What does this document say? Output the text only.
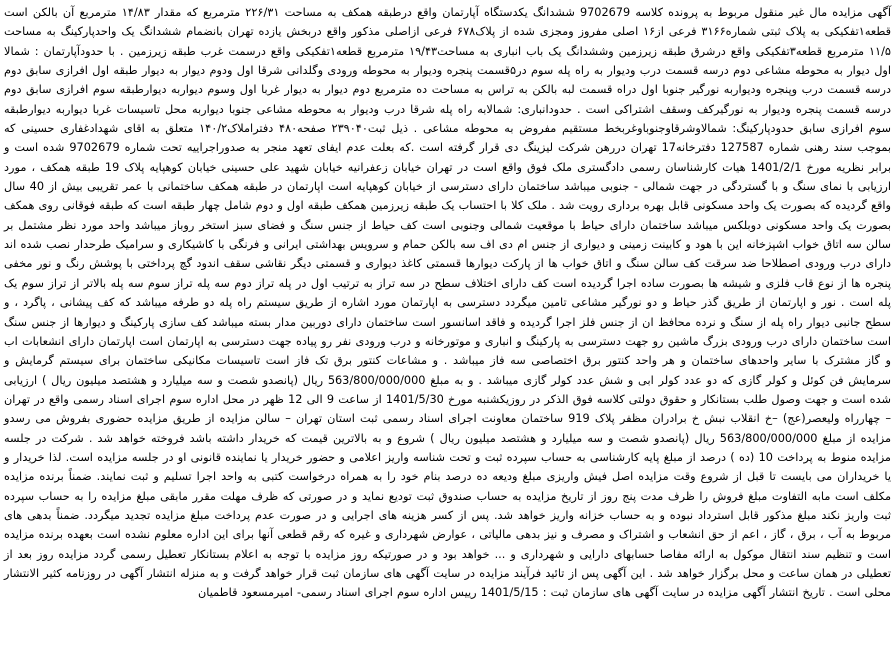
آگهی مزایده مال غیر منقول مربوط به پرونده کلاسه 9702679 ششدانگ یکدستگاه آپارتمان واقع درطبقه همکف به مساحت ۲۲۶/۳۱ مترمربع که مقدار ۱۴/۸۳ مترمربع آن بالکن است قطعه۱تفکیکی به پلاک ثبتی شماره۳۱۶۶ فرعی از۱۶ اصلی مفروز ومجزی شده از پلاک۶۷۸ فرعی ازاصلی مذکور واقع دربخش یازده تهران بانضمام ششدانگ یک واحدپارکینگ به مساحت ۱۱/۵ مترمربع قطعه۳تفکیکی واقع درشرق طبقه زیرزمین وششدانگ یک باب انباری به مساحت۱۹/۴۳ مترمربع قطعه۱تفکیکی واقع درسمت غرب طبقه زیرزمین . با حدودآپارتمان : شمالا اول دیوار به محوطه مشاعی دوم درسه قسمت درب ودیوار به راه پله سوم در۵قسمت پنجره ودیوار به محوطه ورودی وگلدانی شرقا اول ودوم دیوار به دیوار طبقه اول افرازی سابق دوم درسه قسمت درب وپنجره ودیواربه نورگیر جنوبا اول دراه قسمت لبه بالکن به تراس به مساحت ده مترمربع دوم دیوار به دیوار غربا اول وسوم دیواربه دیوارطبقه سوم افرازی سابق دوم درسه قسمت پنجره ودیوار به نورگیرکف وسقف اشتراکی است . حدودانباری: شمالابه راه پله شرقا درب ودیوار به محوطه مشاعی جنوبا دیواربه محل تاسیسات غربا دیواربه دیوارطبقه سوم افرازی سابق حدودپارکینگ: شمالاوشرقاوجنوباوغربخط مستقیم مفروض به محوطه مشاعی . ذیل ثبت۲۳۹۰۴۰ صفحه۴۸۰ دفتراملاک۱۴۰/۲ متعلق به اقای شهدادغفاری حسینی که بموجب سند رهنی شماره 127587 دفترخانه17 تهران دررهن شرکت لیزینگ دی قرار گرفته است .که بعلت عدم ایفای تعهد منجر به صدوراجراییه تحت شماره 9702679 شده است و برابر نظریه مورخ 1401/2/1 هیات کارشناسان رسمی دادگستری ملک فوق واقع است در تهران خیابان زعفرانیه خیابان شهید علی حسینی خیابان کوهپایه پلاک 19 طبقه همکف ، مورد ارزیابی با نمای سنگ و با گستردگی در جهت شمالی - جنوبی میباشد ساختمان دارای دسترسی از خیابان کوهپایه است اپارتمان در طبقه همکف ساختمانی با عمر تقریبی بیش از 40 سال واقع گردیده که بصورت یک واحد مسکونی قابل بهره برداری رویت شد . ملک کلا با احتساب یک طبقه زیرزمین همکف طبقه اول و دوم شامل چهار طبقه است که طبقه فوقانی روی همکف بصورت یک واحد مسکونی دوبلکس میباشد ساختمان دارای حیاط با موقعیت شمالی وجنوبی است کف حیاط از جنس سنگ و فضای سبز استخر روباز میباشد واحد مورد نظر مشتمل بر سالن سه اتاق خواب اشپزخانه این با هود و کابینت زمینی و دیواری از جنس ام دی اف سه بالکن حمام و سرویس بهداشتی ایرانی و فرنگی با کاشیکاری و سرامیک طرحدار نصب شده اند دارای درب ورودی اصطلاحا ضد سرقت کف سالن سنگ و اتاق خواب ها از پارکت دیوارها قسمتی کاغذ دیواری و قسمتی دیگر نقاشی سقف اندود گچ پرداختی با پوشش رنگ و نور مخفی پنجره ها از نوع قاب فلزی و شیشه ها بصورت ساده اجرا گردیده است کف دارای اختلاف سطح در سه تراز به ترتیب اول در پله تراز دوم سه پله تراز سوم سه پله بالاتر از تراز سوم یک پله است . نور و اپارتمان از طریق گذر حیاط و دو نورگیر مشاعی تامین میگردد دسترسی به اپارتمان مورد اشاره از طریق سیستم راه پله دو طرفه میباشد که کف پیشانی ، پاگرد ، و سطح جانبی دیوار راه پله از سنگ و نرده محافظ ان از جنس فلز اجرا گردیده و فاقد اسانسور است ساختمان دارای دوربین مدار بسته میباشد کف سازی پارکینگ و دیوارها از جنس سنگ است ساختمان دارای درب ورودی بزرگ ماشین رو جهت دسترسی به پارکینگ و انباری و موتورخانه و درب ورودی نفر رو پیاده جهت دسترسی به اپارتمان است اپارتمان دارای انشعابات اب و گاز مشترک با سایر واحدهای ساختمان و هر واحد کنتور برق اختصاصی سه فاز میباشد . و مشاعات کنتور برق تک فاز است تاسیسات مکانیکی ساختمان برای سیستم گرمایش و سرمایش فن کوئل و کولر گازی که دو عدد کولر ابی و شش عدد کولر گازی میباشد . و به مبلغ 563/800/000/000 ریال (پانصدو شصت و سه میلیارد و هشتصد میلیون ریال ) ارزیابی شده است و جهت وصول طلب بستانکار و حقوق دولتی کلاسه فوق الذکر در روزیکشنبه مورخ 1401/5/30 از ساعت 9 الی 12 ظهر در محل اداره سوم اجرای اسناد رسمی واقع در تهران – چهارراه ولیعصر(عج) –خ انقلاب نبش خ برادران مظفر پلاک 919 ساختمان معاونت اجرای اسناد رسمی ثبت استان تهران – سالن مزایده از طریق مزایده حضوری بفروش می رسدو مزایده از مبلغ 563/800/000/000 ریال (پانصدو شصت و سه میلیارد و هشتصد میلیون ریال ) شروع و به بالاترین قیمت که خریدار داشته باشد فروخته خواهد شد . شرکت در جلسه مزایده منوط به پرداخت 10 (ده ) درصد از مبلغ پایه کارشناسی به حساب سپرده ثبت و تحت شناسه واریز اعلامی و حضور خریدار یا نماینده قانونی او در جلسه مزایده است. لذا خریدار و یا خریداران می بایست تا قبل از شروع وقت مزایده اصل فیش واریزی مبلغ ودیعه ده درصد بنام خود را به همراه درخواست کتبی به واحد اجرا تسلیم و ثبت نمایند. ضمناً برنده مزایده مکلف است مابه التفاوت مبلغ فروش را ظرف مدت پنج روز از تاریخ مزایده به حساب صندوق ثبت تودیع نماید و در صورتی که ظرف مهلت مقرر مابقی مبلغ مزایده را به حساب سپرده ثبت واریز نکند مبلغ مذکور قابل استرداد نبوده و به حساب خزانه واریز خواهد شد. پس از کسر هزینه های اجرایی و در صورت عدم پرداخت مبلغ مزایده تجدید میگردد. ضمناً بدهی های مربوط به آب ، برق ، گاز ، اعم از حق انشعاب و اشتراک و مصرف و نیز بدهی مالیاتی ، عوارض شهرداری و غیره که رقم قطعی آنها برای این اداره معلوم نشده است بعهده برنده مزایده است و تنظیم سند انتقال موکول به ارائه مفاصا حسابهای دارایی و شهرداری و ... خواهد بود و در صورتیکه روز مزایده با توجه به اعلام بستانکار تعطیل رسمی گردد مزایده روز بعد از تعطیلی در همان ساعت و محل برگزار خواهد شد . این آگهی پس از تائید فرآیند مزایده در سایت آگهی های سازمان ثبت قرار خواهد گرفت و به منزله انتشار آگهی در روزنامه کثیر الانتشار محلی است . تاریخ انتشار آگهی مزایده در سایت آگهی های سازمان ثبت : 1401/5/15 رییس اداره سوم اجرای اسناد رسمی- امیرمسعود قاطمیان
